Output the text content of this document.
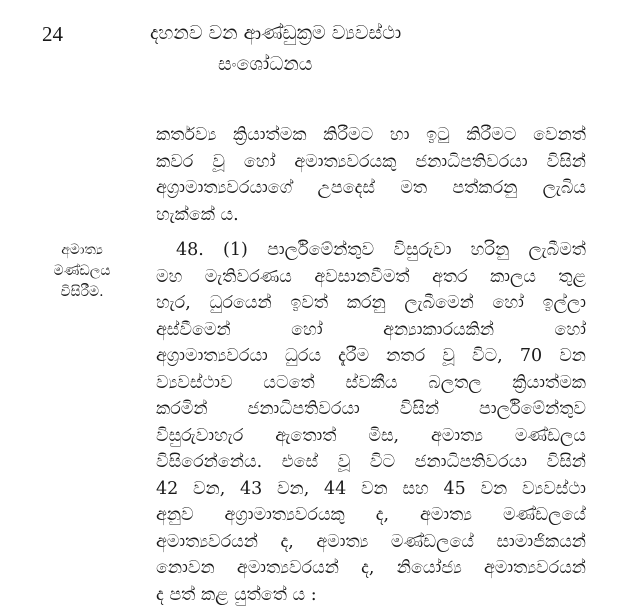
24	දහනව වන ආණ්ඩුක්‍රම ව්‍යවස්ථා
සංශෝධනය
කර්තව්‍ය ක්‍රියාත්මක කිරීමට හා ඉටු කිරීමට වෙනත්
කවර වූ හෝ අමාත්‍යවරයකු ජනාධිපතිවරයා විසින්
අග්‍රාමාත්‍යවරයාගේ උපදෙස් මත පත්කරනු ලැබිය
හැක්කේ ය.
අමාත්‍ය
මණ්ඩලය
විසිරීම.
48. (1) පාර්ලිමේන්තුව විසුරුවා හරිනු ලැබීමත්
මහ මැතිවරණය අවසානවීමත් අතර කාලය තුළ
හැර, ධුරයෙන් ඉවත් කරනු ලැබීමෙන් හෝ ඉල්ලා
අස්වීමෙන් හෝ අන්‍යාකාරයකින් හෝ
අග්‍රාමාත්‍යවරයා ධුරය දැරීම නතර වූ විට, 70 වන
ව්‍යවස්ථාව යටතේ ස්වකීය බලතල ක්‍රියාත්මක
කරමින් ජනාධිපතිවරයා විසින් පාර්ලිමේන්තුව
විසුරුවාහැර ඇතොත් මිස, අමාත්‍ය මණ්ඩලය
විසිරෙන්නේය. එසේ වූ විට ජනාධිපතිවරයා විසින්
42 වන, 43 වන, 44 වන සහ 45 වන ව්‍යවස්ථා
අනුව අග්‍රාමාත්‍යවරයකු ද, අමාත්‍ය මණ්ඩලයේ
අමාත්‍යවරයන් ද, අමාත්‍ය මණ්ඩලයේ සාමාජිකයන්
නොවන අමාත්‍යවරයන් ද, නියෝජ්‍ය අමාත්‍යවරයන්
ද පත් කළ යුත්තේ ය :
